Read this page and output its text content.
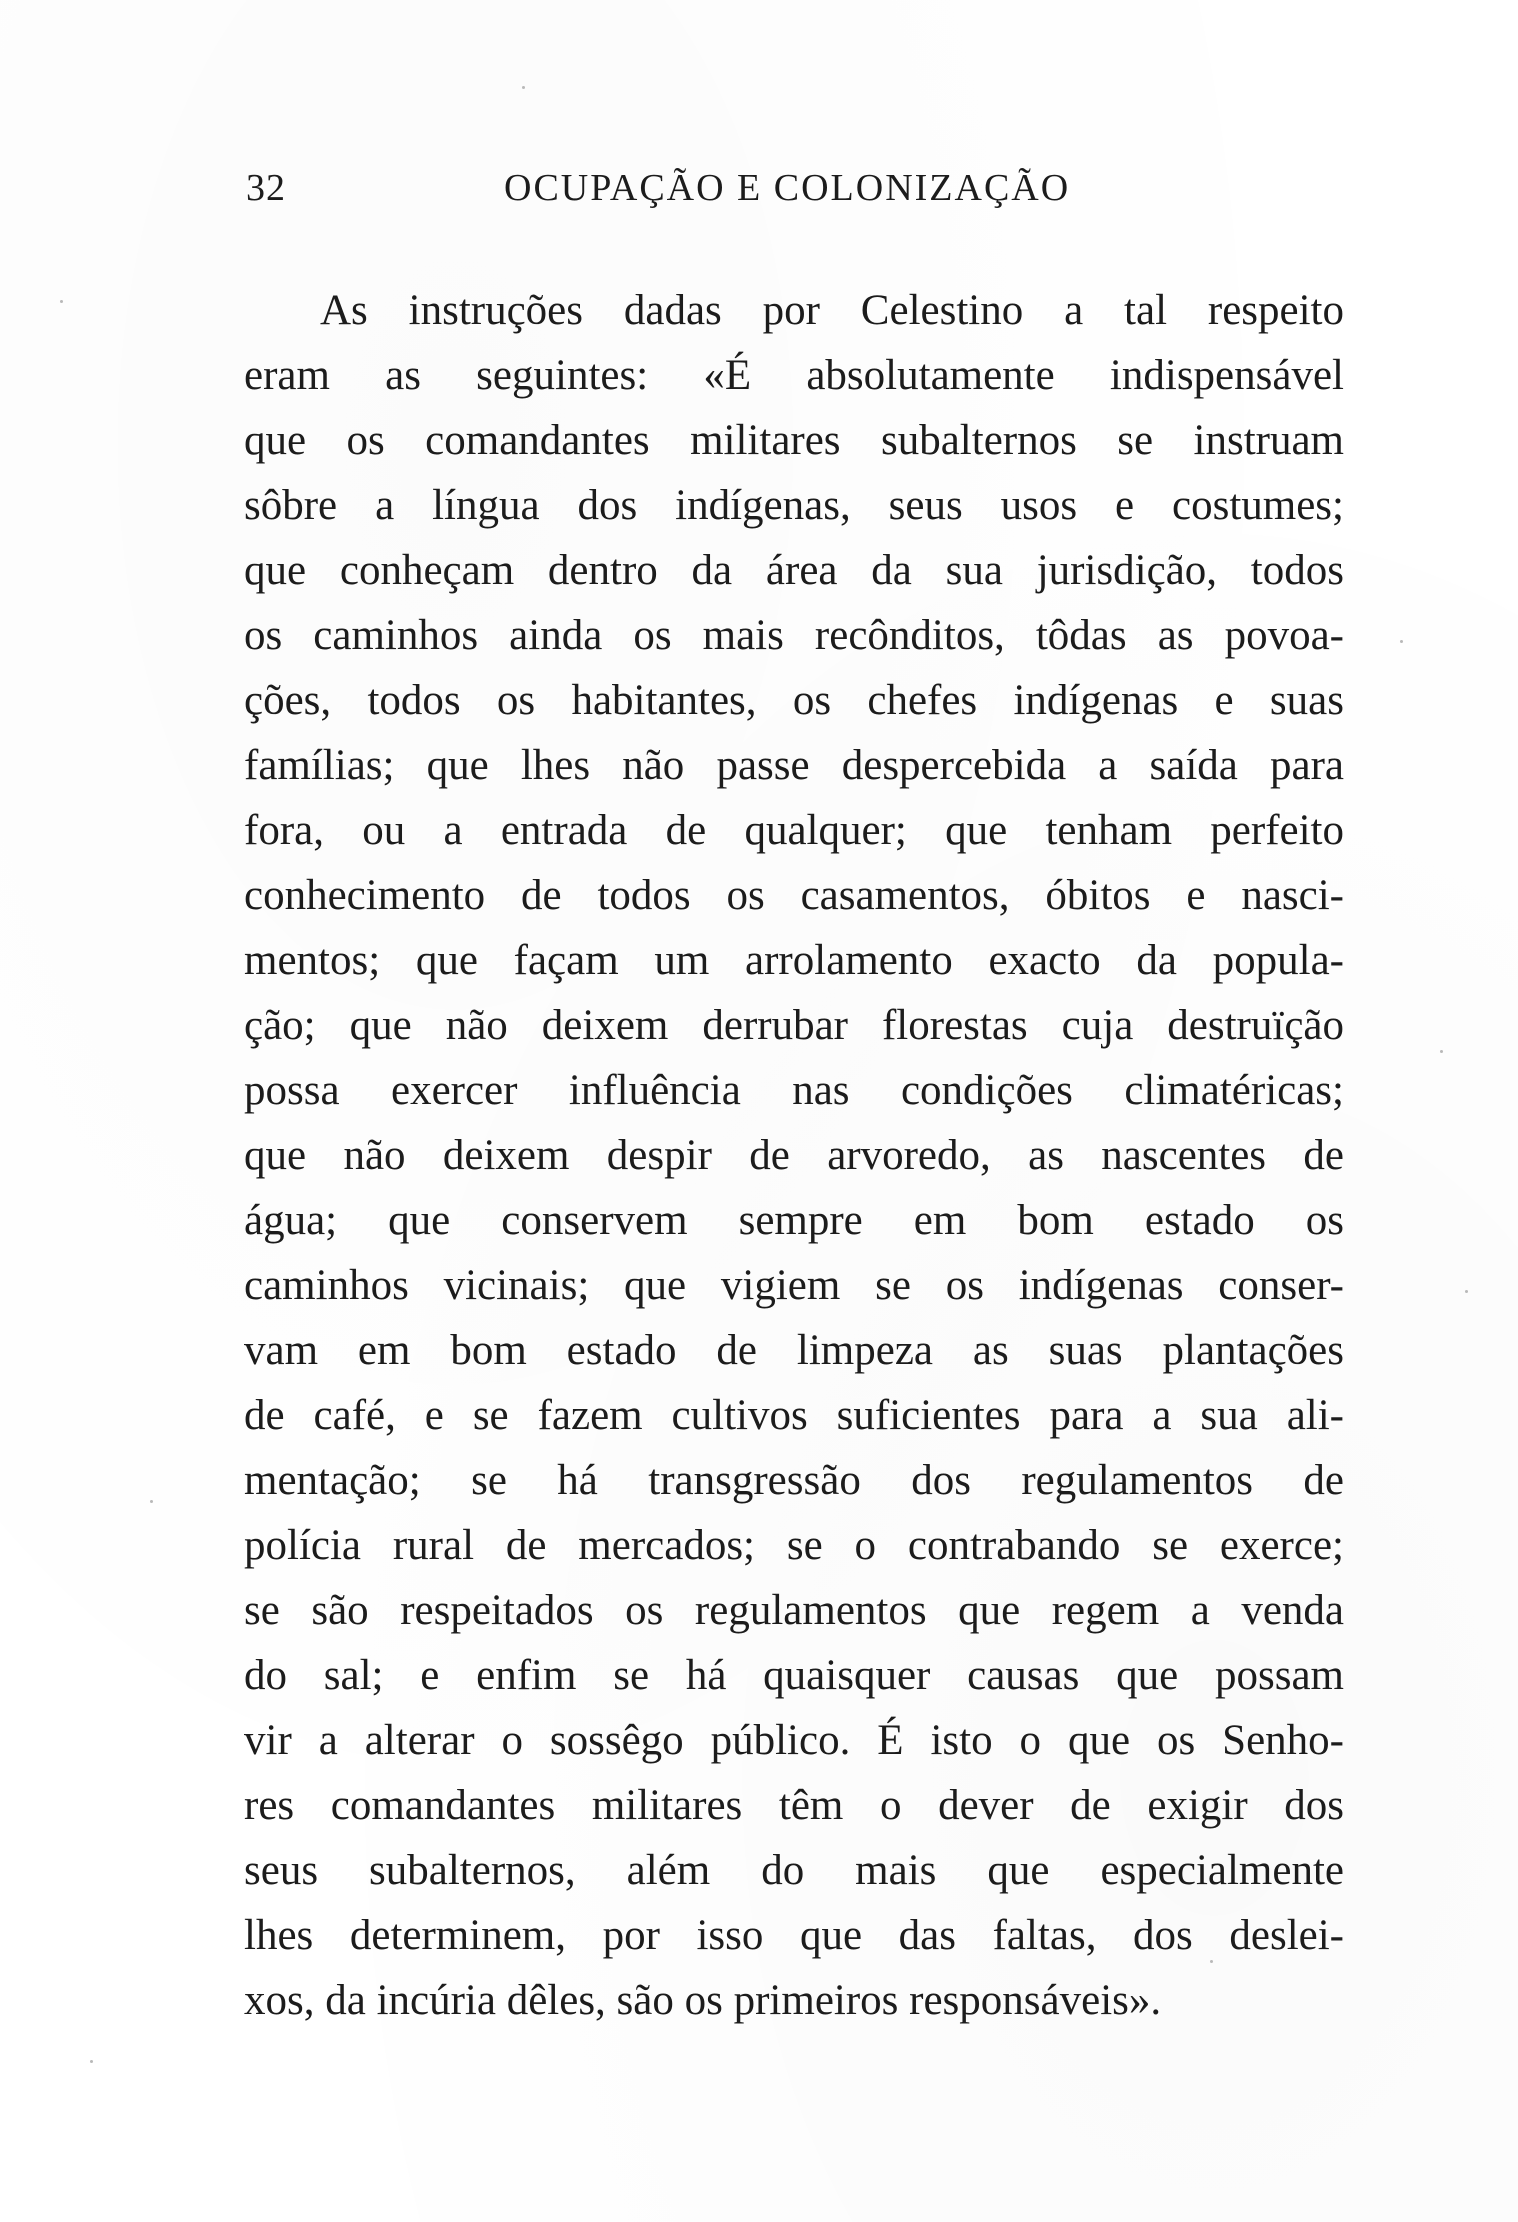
32	OCUPAÇÃO E COLONIZAÇÃO
As instruções dadas por Celestino a tal respeito
eram as seguintes: «É absolutamente indispensável
que os comandantes militares subalternos se instruam
sôbre a língua dos indígenas, seus usos e costumes;
que conheçam dentro da área da sua jurisdição, todos
os caminhos ainda os mais recônditos, tôdas as povoa-
ções, todos os habitantes, os chefes indígenas e suas
famílias; que lhes não passe despercebida a saída para
fora, ou a entrada de qualquer; que tenham perfeito
conhecimento de todos os casamentos, óbitos e nasci-
mentos; que façam um arrolamento exacto da popula-
ção; que não deixem derrubar florestas cuja destruïção
possa exercer influência nas condições climatéricas;
que não deixem despir de arvoredo, as nascentes de
água; que conservem sempre em bom estado os
caminhos vicinais; que vigiem se os indígenas conser-
vam em bom estado de limpeza as suas plantações
de café, e se fazem cultivos suficientes para a sua ali-
mentação; se há transgressão dos regulamentos de
polícia rural de mercados; se o contrabando se exerce;
se são respeitados os regulamentos que regem a venda
do sal; e enfim se há quaisquer causas que possam
vir a alterar o sossêgo público. É isto o que os Senho-
res comandantes militares têm o dever de exigir dos
seus subalternos, além do mais que especialmente
lhes determinem, por isso que das faltas, dos deslei-
xos, da incúria dêles, são os primeiros responsáveis».
